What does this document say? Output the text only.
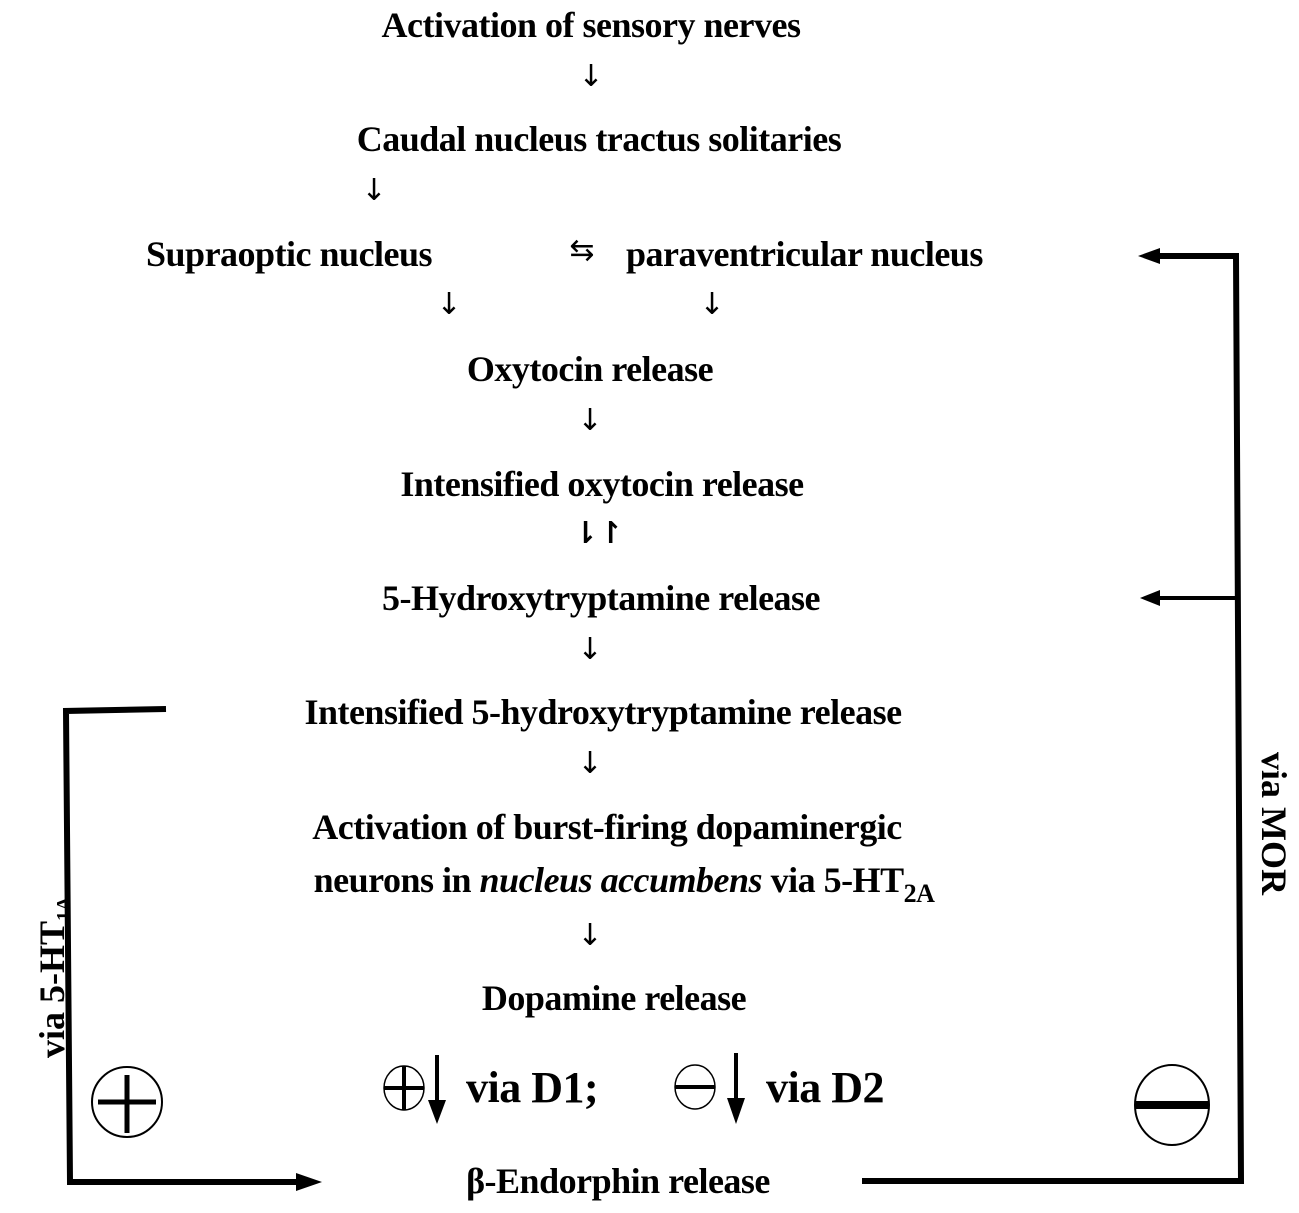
Activation of sensory nerves
↓
Caudal nucleus tractus solitaries
↓
Supraoptic nucleus	⇆ paraventricular nucleus
↓	↓
Oxytocin release
↓
Intensified oxytocin release
⇂↾
5-Hydroxytryptamine release
↓
Intensified 5-hydroxytryptamine release
↓
Activation of burst-firing dopaminergic
neurons in nucleus accumbens via $5-HT_{2A}$
↓
Dopamine release
via D1;	via D2
β-Endorphin release
via 5-HT1A
via MOR
